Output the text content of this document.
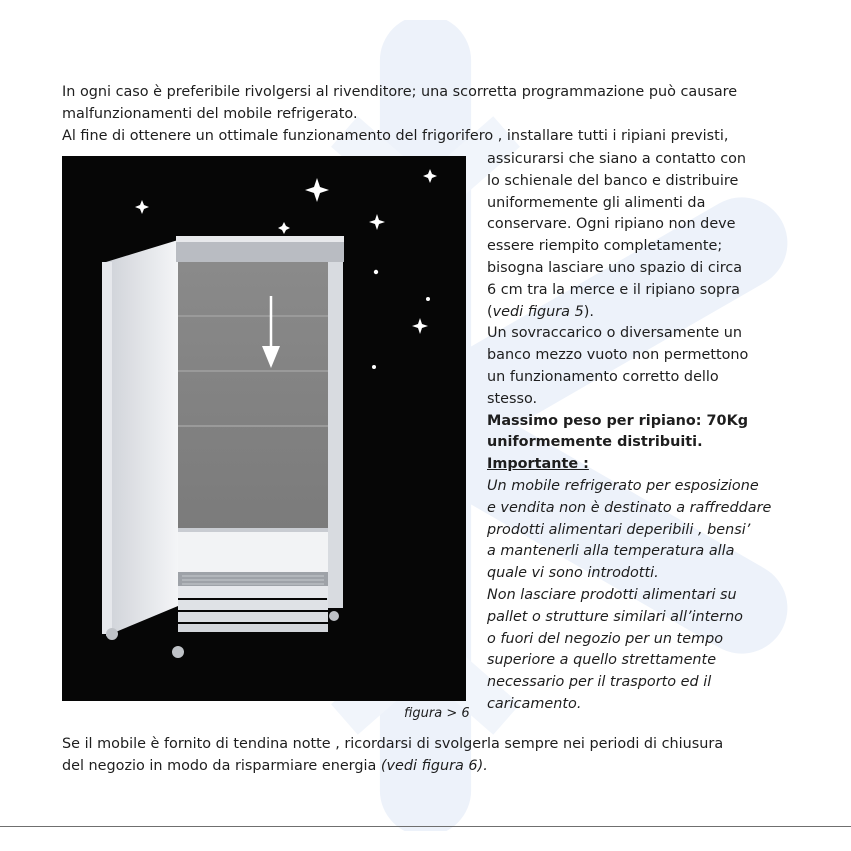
In ogni caso è preferibile rivolgersi al rivenditore; una scorretta programmazione può causare

malfunzionamenti del mobile refrigerato.

Al fine di ottenere un ottimale funzionamento del frigorifero , installare tutti i ripiani previsti,

figura > 6
assicurarsi che siano a contatto con
lo schienale del banco e distribuire
uniformemente gli alimenti da
conservare. Ogni ripiano non deve
essere riempito completamente;
bisogna lasciare uno spazio di circa
6 cm tra la merce e il ripiano sopra
(vedi figura 5).
Un sovraccarico o diversamente un
banco mezzo vuoto non permettono
un funzionamento corretto dello
stesso.
Massimo peso per ripiano: 70Kg
uniformemente distribuiti.
Importante :
Un mobile refrigerato per esposizione
e vendita non è destinato a raffreddare
prodotti alimentari deperibili , bensi’
a mantenerli alla temperatura alla
quale vi sono introdotti.
Non lasciare prodotti alimentari su
pallet o strutture similari all’interno
o fuori del negozio per un tempo
superiore a quello strettamente
necessario per il trasporto ed il
caricamento.

Se il mobile è fornito di tendina notte , ricordarsi di svolgerla sempre nei periodi di chiusura

del negozio in modo da risparmiare energia (vedi figura 6).
